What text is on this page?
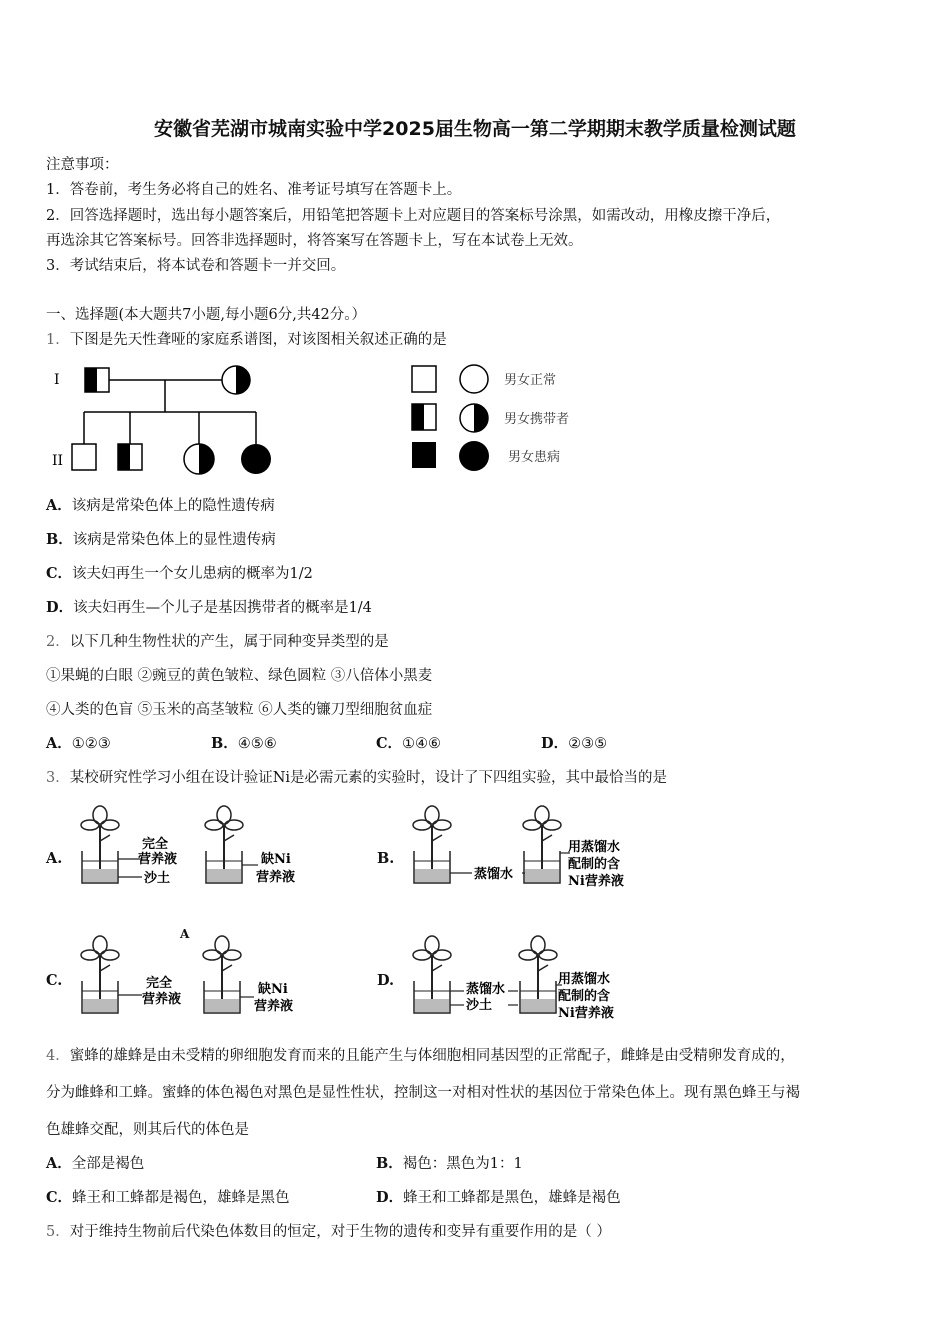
安徽省芜湖市城南实验中学2025届生物高一第二学期期末教学质量检测试题
注意事项：
1．答卷前，考生务必将自己的姓名、准考证号填写在答题卡上。
2．回答选择题时，选出每小题答案后，用铅笔把答题卡上对应题目的答案标号涂黑，如需改动，用橡皮擦干净后，
再选涂其它答案标号。回答非选择题时，将答案写在答题卡上，写在本试卷上无效。
3．考试结束后，将本试卷和答题卡一并交回。
一、选择题(本大题共7小题,每小题6分,共42分。）
1．下图是先天性聋哑的家庭系谱图，对该图相关叙述正确的是
I
II
男女正常
男女携带者
男女患病
A．该病是常染色体上的隐性遗传病
B．该病是常染色体上的显性遗传病
C．该夫妇再生一个女儿患病的概率为1/2
D．该夫妇再生—个儿子是基因携带者的概率是1/4
2．以下几种生物性状的产生，属于同种变异类型的是
①果蝇的白眼 ②豌豆的黄色皱粒、绿色圆粒 ③八倍体小黑麦
④人类的色盲 ⑤玉米的高茎皱粒 ⑥人类的镰刀型细胞贫血症
A．①②③	B．④⑤⑥	C．①④⑥	D．②③⑤
3．某校研究性学习小组在设计验证Ni是必需元素的实验时，设计了下四组实验，其中最恰当的是
A.	B.
C.	D.
A
完全
营养液
沙土
缺Ni
营养液	蒸馏水
用蒸馏水
配制的含
Ni营养液
完全
营养液
缺Ni
营养液
蒸馏水
沙土
用蒸馏水
配制的含
Ni营养液
4．蜜蜂的雄蜂是由未受精的卵细胞发育而来的且能产生与体细胞相同基因型的正常配子，雌蜂是由受精卵发育成的，
分为雌蜂和工蜂。蜜蜂的体色褐色对黑色是显性性状，控制这一对相对性状的基因位于常染色体上。现有黑色蜂王与褐
色雄蜂交配，则其后代的体色是
A．全部是褐色	B．褐色：黑色为1：1
C．蜂王和工蜂都是褐色，雄蜂是黑色	D．蜂王和工蜂都是黑色，雄蜂是褐色
5．对于维持生物前后代染色体数目的恒定，对于生物的遗传和变异有重要作用的是（ ）
